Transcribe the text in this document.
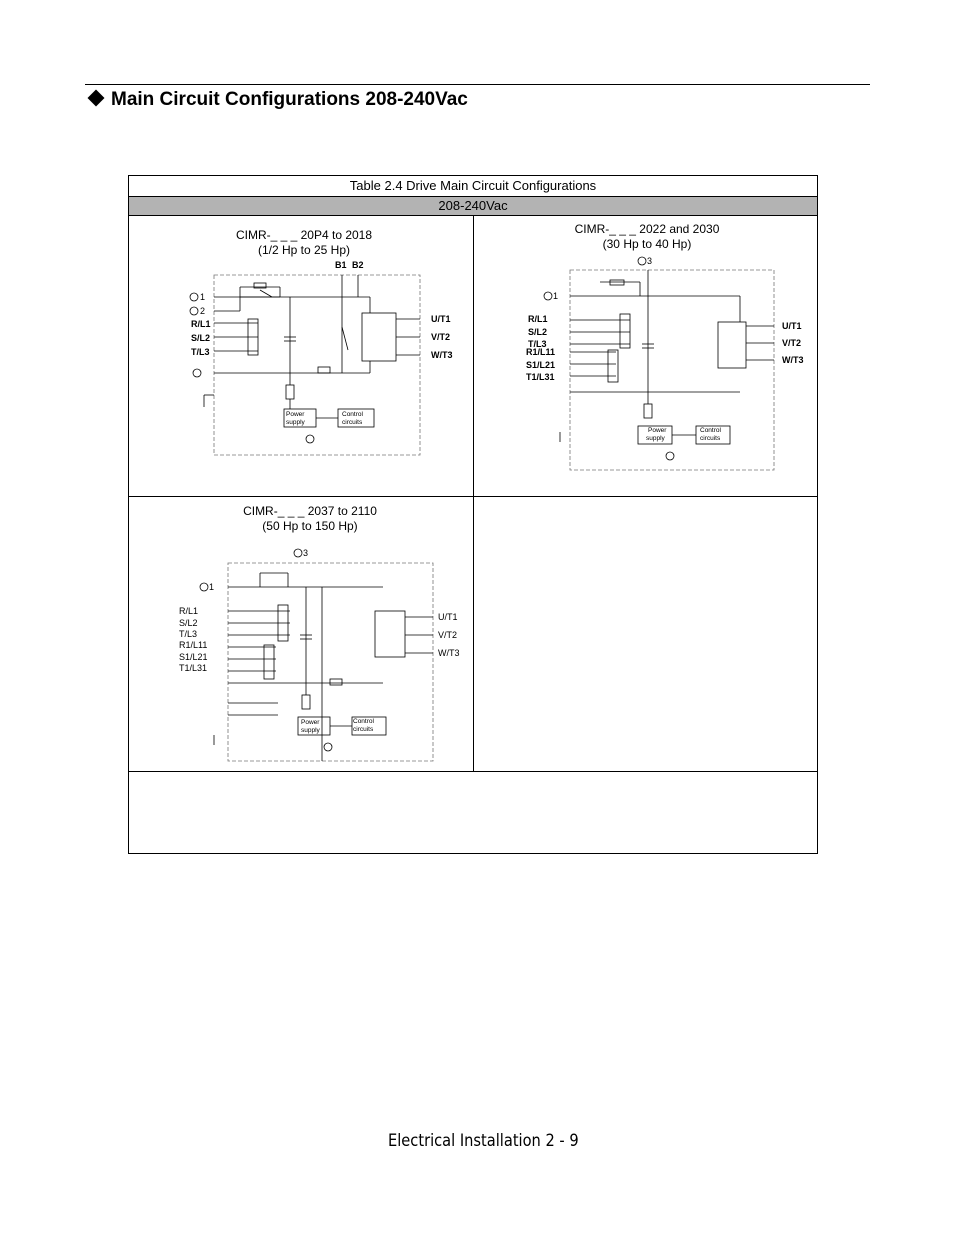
Main Circuit Configurations 208-240Vac
Table 2.4 Drive Main Circuit Configurations
208-240Vac
CIMR-_ _ _ 20P4 to 2018
(1/2 Hp to 25 Hp)
CIMR-_ _ _ 2022 and 2030
(30 Hp to 40 Hp)
CIMR-_ _ _ 2037 to 2110
(50 Hp to 150 Hp)
B1 B2
R/L1
S/L2
T/L3
U/T1
V/T2
W/T3
1
2
Power
supply
Control
circuits
R/L1
S/L2
T/L3
R1/L11
S1/L21
T1/L31
U/T1
V/T2
W/T3
3
1
Power
supply
Control
circuits
R/L1
S/L2
T/L3
R1/L11
S1/L21
T1/L31
U/T1
V/T2
W/T3
3
1
Power
supply
Control
circuits
Electrical Installation 2 - 9
